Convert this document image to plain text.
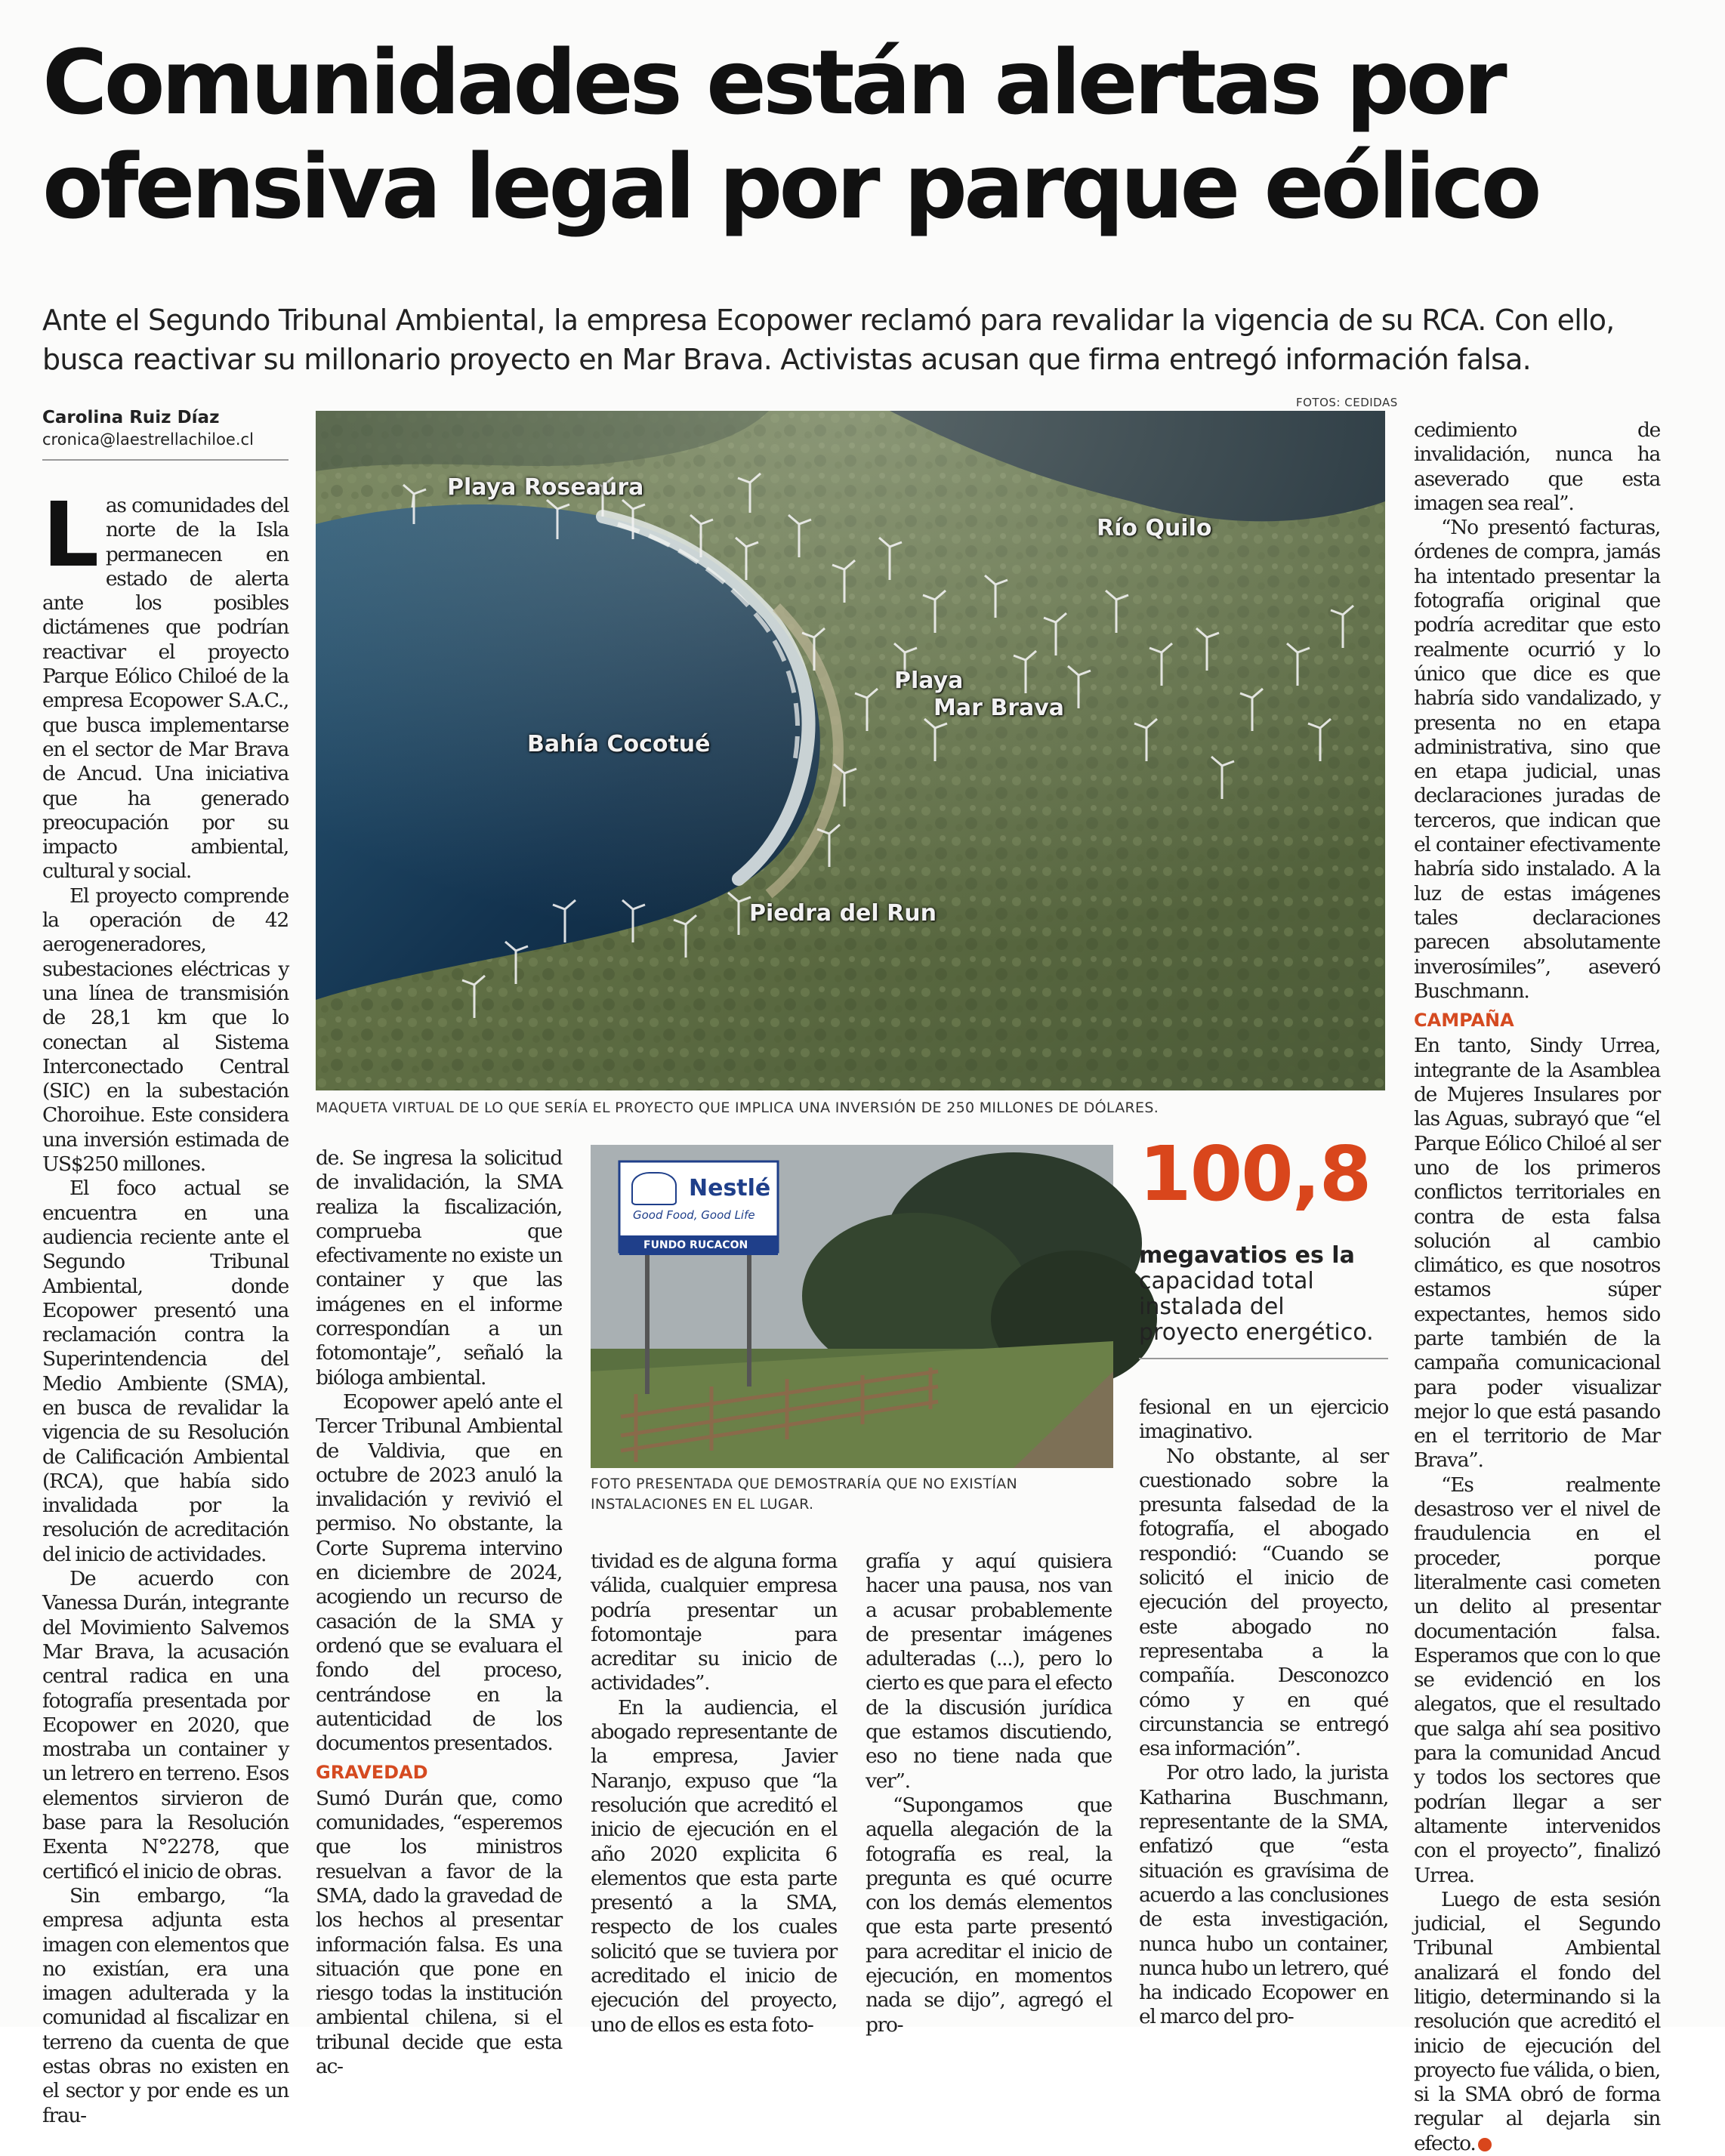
Comunidades están alertas por ofensiva legal por parque eólico
Ante el Segundo Tribunal Ambiental, la empresa Ecopower reclamó para revalidar la vigencia de su RCA. Con ello, busca reactivar su millonario proyecto en Mar Brava. Activistas acusan que firma entregó información falsa.
Carolina Ruiz Díaz
cronica@laestrellachiloe.cl
FOTOS: CEDIDAS
Playa Roseaura
Río Quilo
Playa
Mar Brava
Bahía Cocotué
Piedra del Run
MAQUETA VIRTUAL DE LO QUE SERÍA EL PROYECTO QUE IMPLICA UNA INVERSIÓN DE 250 MILLONES DE DÓLARES.
Nestlé
Good Food, Good Life
FUNDO RUCACON
FOTO PRESENTADA QUE DEMOSTRARÍA QUE NO EXISTÍAN INSTALACIONES EN EL LUGAR.
100,8
megavatios es la
capacidad total instalada del proyecto energético.

Las comunidades del norte de la Isla permanecen en estado de alerta ante los posibles dictámenes que podrían reactivar el proyecto Parque Eólico Chiloé de la empresa Ecopower S.A.C., que busca implementarse en el sector de Mar Brava de Ancud. Una iniciativa que ha generado preocupación por su impacto ambiental, cultural y social.

El proyecto comprende la operación de 42 aerogeneradores, subestaciones eléctricas y una línea de transmisión de 28,1 km que lo conectan al Sistema Interconectado Central (SIC) en la subestación Choroihue. Este considera una inversión estimada de US$250 millones.

El foco actual se encuentra en una audiencia reciente ante el Segundo Tribunal Ambiental, donde Ecopower presentó una reclamación contra la Superintendencia del Medio Ambiente (SMA), en busca de revalidar la vigencia de su Resolución de Calificación Ambiental (RCA), que había sido invalidada por la resolución de acreditación del inicio de actividades.

De acuerdo con Vanessa Durán, integrante del Movimiento Salvemos Mar Brava, la acusación central radica en una fotografía presentada por Ecopower en 2020, que mostraba un container y un letrero en terreno. Esos elementos sirvieron de base para la Resolución Exenta N°2278, que certificó el inicio de obras.

Sin embargo, “la empresa adjunta esta imagen con elementos que no existían, era una imagen adulterada y la comunidad al fiscalizar en terreno da cuenta de que estas obras no existen en el sector y por ende es un frau-

de. Se ingresa la solicitud de invalidación, la SMA realiza la fiscalización, comprueba que efectivamente no existe un container y que las imágenes en el informe correspondían a un fotomontaje”, señaló la bióloga ambiental.

Ecopower apeló ante el Tercer Tribunal Ambiental de Valdivia, que en octubre de 2023 anuló la invalidación y revivió el permiso. No obstante, la Corte Suprema intervino en diciembre de 2024, acogiendo un recurso de casación de la SMA y ordenó que se evaluara el fondo del proceso, centrándose en la autenticidad de los documentos presentados.

GRAVEDAD

Sumó Durán que, como comunidades, “esperemos que los ministros resuelvan a favor de la SMA, dado la gravedad de los hechos al presentar información falsa. Es una situación que pone en riesgo todas la institución ambiental chilena, si el tribunal decide que esta ac-

tividad es de alguna forma válida, cualquier empresa podría presentar un fotomontaje para acreditar su inicio de actividades”.

En la audiencia, el abogado representante de la empresa, Javier Naranjo, expuso que “la resolución que acreditó el inicio de ejecución en el año 2020 explicita 6 elementos que esta parte presentó a la SMA, respecto de los cuales solicitó que se tuviera por acreditado el inicio de ejecución del proyecto, uno de ellos es esta foto-

grafía y aquí quisiera hacer una pausa, nos van a acusar probablemente de presentar imágenes adulteradas (...), pero lo cierto es que para el efecto de la discusión jurídica que estamos discutiendo, eso no tiene nada que ver”.

“Supongamos que aquella alegación de la fotografía es real, la pregunta es qué ocurre con los demás elementos que esta parte presentó para acreditar el inicio de ejecución, en momentos nada se dijo”, agregó el pro-

fesional en un ejercicio imaginativo.

No obstante, al ser cuestionado sobre la presunta falsedad de la fotografía, el abogado respondió: “Cuando se solicitó el inicio de ejecución del proyecto, este abogado no representaba a la compañía. Desconozco cómo y en qué circunstancia se entregó esa información”.

Por otro lado, la jurista Katharina Buschmann, representante de la SMA, enfatizó que “esta situación es gravísima de acuerdo a las conclusiones de esta investigación, nunca hubo un container, nunca hubo un letrero, qué ha indicado Ecopower en el marco del pro-

cedimiento de invalidación, nunca ha aseverado que esta imagen sea real”.

“No presentó facturas, órdenes de compra, jamás ha intentado presentar la fotografía original que podría acreditar que esto realmente ocurrió y lo único que dice es que habría sido vandalizado, y presenta no en etapa administrativa, sino que en etapa judicial, unas declaraciones juradas de terceros, que indican que el container efectivamente habría sido instalado. A la luz de estas imágenes tales declaraciones parecen absolutamente inverosímiles”, aseveró Buschmann.

CAMPAÑA

En tanto, Sindy Urrea, integrante de la Asamblea de Mujeres Insulares por las Aguas, subrayó que “el Parque Eólico Chiloé al ser uno de los primeros conflictos territoriales en contra de esta falsa solución al cambio climático, es que nosotros estamos súper expectantes, hemos sido parte también de la campaña comunicacional para poder visualizar mejor lo que está pasando en el territorio de Mar Brava”.

“Es realmente desastroso ver el nivel de fraudulencia en el proceder, porque literalmente casi cometen un delito al presentar documentación falsa. Esperamos que con lo que se evidenció en los alegatos, que el resultado que salga ahí sea positivo para la comunidad Ancud y todos los sectores que podrían llegar a ser altamente intervenidos con el proyecto”, finalizó Urrea.

Luego de esta sesión judicial, el Segundo Tribunal Ambiental analizará el fondo del litigio, determinando si la resolución que acreditó el inicio de ejecución del proyecto fue válida, o bien, si la SMA obró de forma regular al dejarla sin efecto.
